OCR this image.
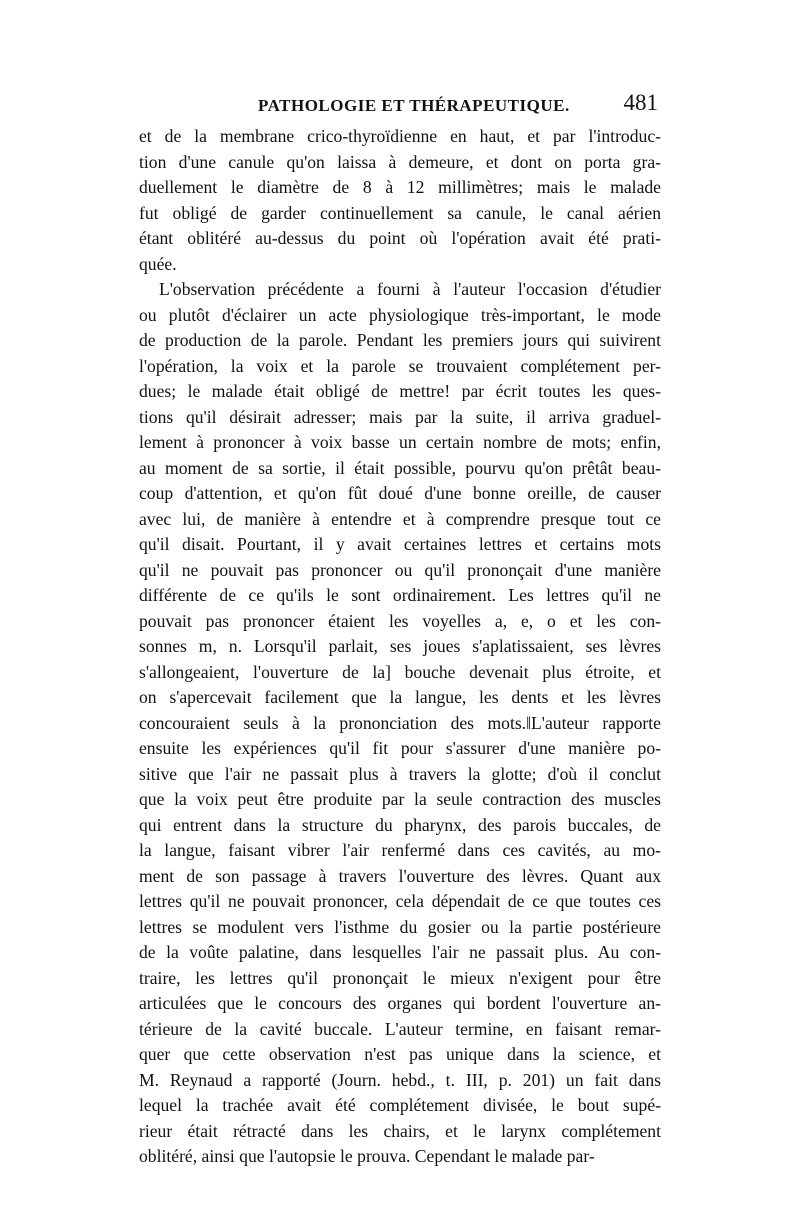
PATHOLOGIE ET THÉRAPEUTIQUE. 481
et de la membrane crico-thyroïdienne en haut, et par l'introduc-
tion d'une canule qu'on laissa à demeure, et dont on porta gra-
duellement le diamètre de 8 à 12 millimètres; mais le malade
fut obligé de garder continuellement sa canule, le canal aérien
étant oblitéré au-dessus du point où l'opération avait été prati-
quée.
L'observation précédente a fourni à l'auteur l'occasion d'étudier
ou plutôt d'éclairer un acte physiologique très-important, le mode
de production de la parole. Pendant les premiers jours qui suivirent
l'opération, la voix et la parole se trouvaient complétement per-
dues; le malade était obligé de mettre! par écrit toutes les ques-
tions qu'il désirait adresser; mais par la suite, il arriva graduel-
lement à prononcer à voix basse un certain nombre de mots; enfin,
au moment de sa sortie, il était possible, pourvu qu'on prêtât beau-
coup d'attention, et qu'on fût doué d'une bonne oreille, de causer
avec lui, de manière à entendre et à comprendre presque tout ce
qu'il disait. Pourtant, il y avait certaines lettres et certains mots
qu'il ne pouvait pas prononcer ou qu'il prononçait d'une manière
différente de ce qu'ils le sont ordinairement. Les lettres qu'il ne
pouvait pas prononcer étaient les voyelles a, e, o et les con-
sonnes m, n. Lorsqu'il parlait, ses joues s'aplatissaient, ses lèvres
s'allongeaient, l'ouverture de la] bouche devenait plus étroite, et
on s'apercevait facilement que la langue, les dents et les lèvres
concouraient seuls à la prononciation des mots.‖L'auteur rapporte
ensuite les expériences qu'il fit pour s'assurer d'une manière po-
sitive que l'air ne passait plus à travers la glotte; d'où il conclut
que la voix peut être produite par la seule contraction des muscles
qui entrent dans la structure du pharynx, des parois buccales, de
la langue, faisant vibrer l'air renfermé dans ces cavités, au mo-
ment de son passage à travers l'ouverture des lèvres. Quant aux
lettres qu'il ne pouvait prononcer, cela dépendait de ce que toutes ces
lettres se modulent vers l'isthme du gosier ou la partie postérieure
de la voûte palatine, dans lesquelles l'air ne passait plus. Au con-
traire, les lettres qu'il prononçait le mieux n'exigent pour être
articulées que le concours des organes qui bordent l'ouverture an-
térieure de la cavité buccale. L'auteur termine, en faisant remar-
quer que cette observation n'est pas unique dans la science, et
M. Reynaud a rapporté (Journ. hebd., t. III, p. 201) un fait dans
lequel la trachée avait été complétement divisée, le bout supé-
rieur était rétracté dans les chairs, et le larynx complétement
oblitéré, ainsi que l'autopsie le prouva. Cependant le malade par-
